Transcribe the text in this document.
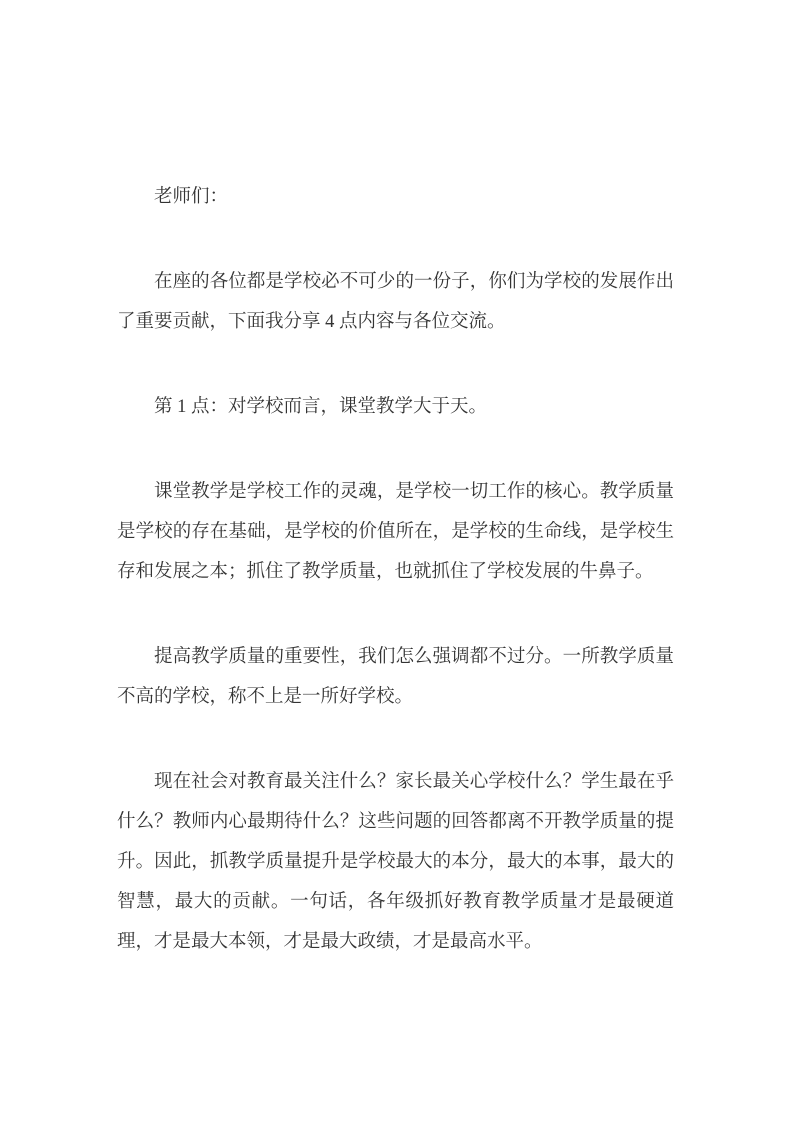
老师们：

在座的各位都是学校必不可少的一份子，你们为学校的发展作出了重要贡献，下面我分享 4 点内容与各位交流。

第 1 点：对学校而言，课堂教学大于天。

课堂教学是学校工作的灵魂，是学校一切工作的核心。教学质量是学校的存在基础，是学校的价值所在，是学校的生命线，是学校生存和发展之本；抓住了教学质量，也就抓住了学校发展的牛鼻子。

提高教学质量的重要性，我们怎么强调都不过分。一所教学质量不高的学校，称不上是一所好学校。

现在社会对教育最关注什么？家长最关心学校什么？学生最在乎什么？教师内心最期待什么？这些问题的回答都离不开教学质量的提升。因此，抓教学质量提升是学校最大的本分，最大的本事，最大的智慧，最大的贡献。一句话，各年级抓好教育教学质量才是最硬道理，才是最大本领，才是最大政绩，才是最高水平。
